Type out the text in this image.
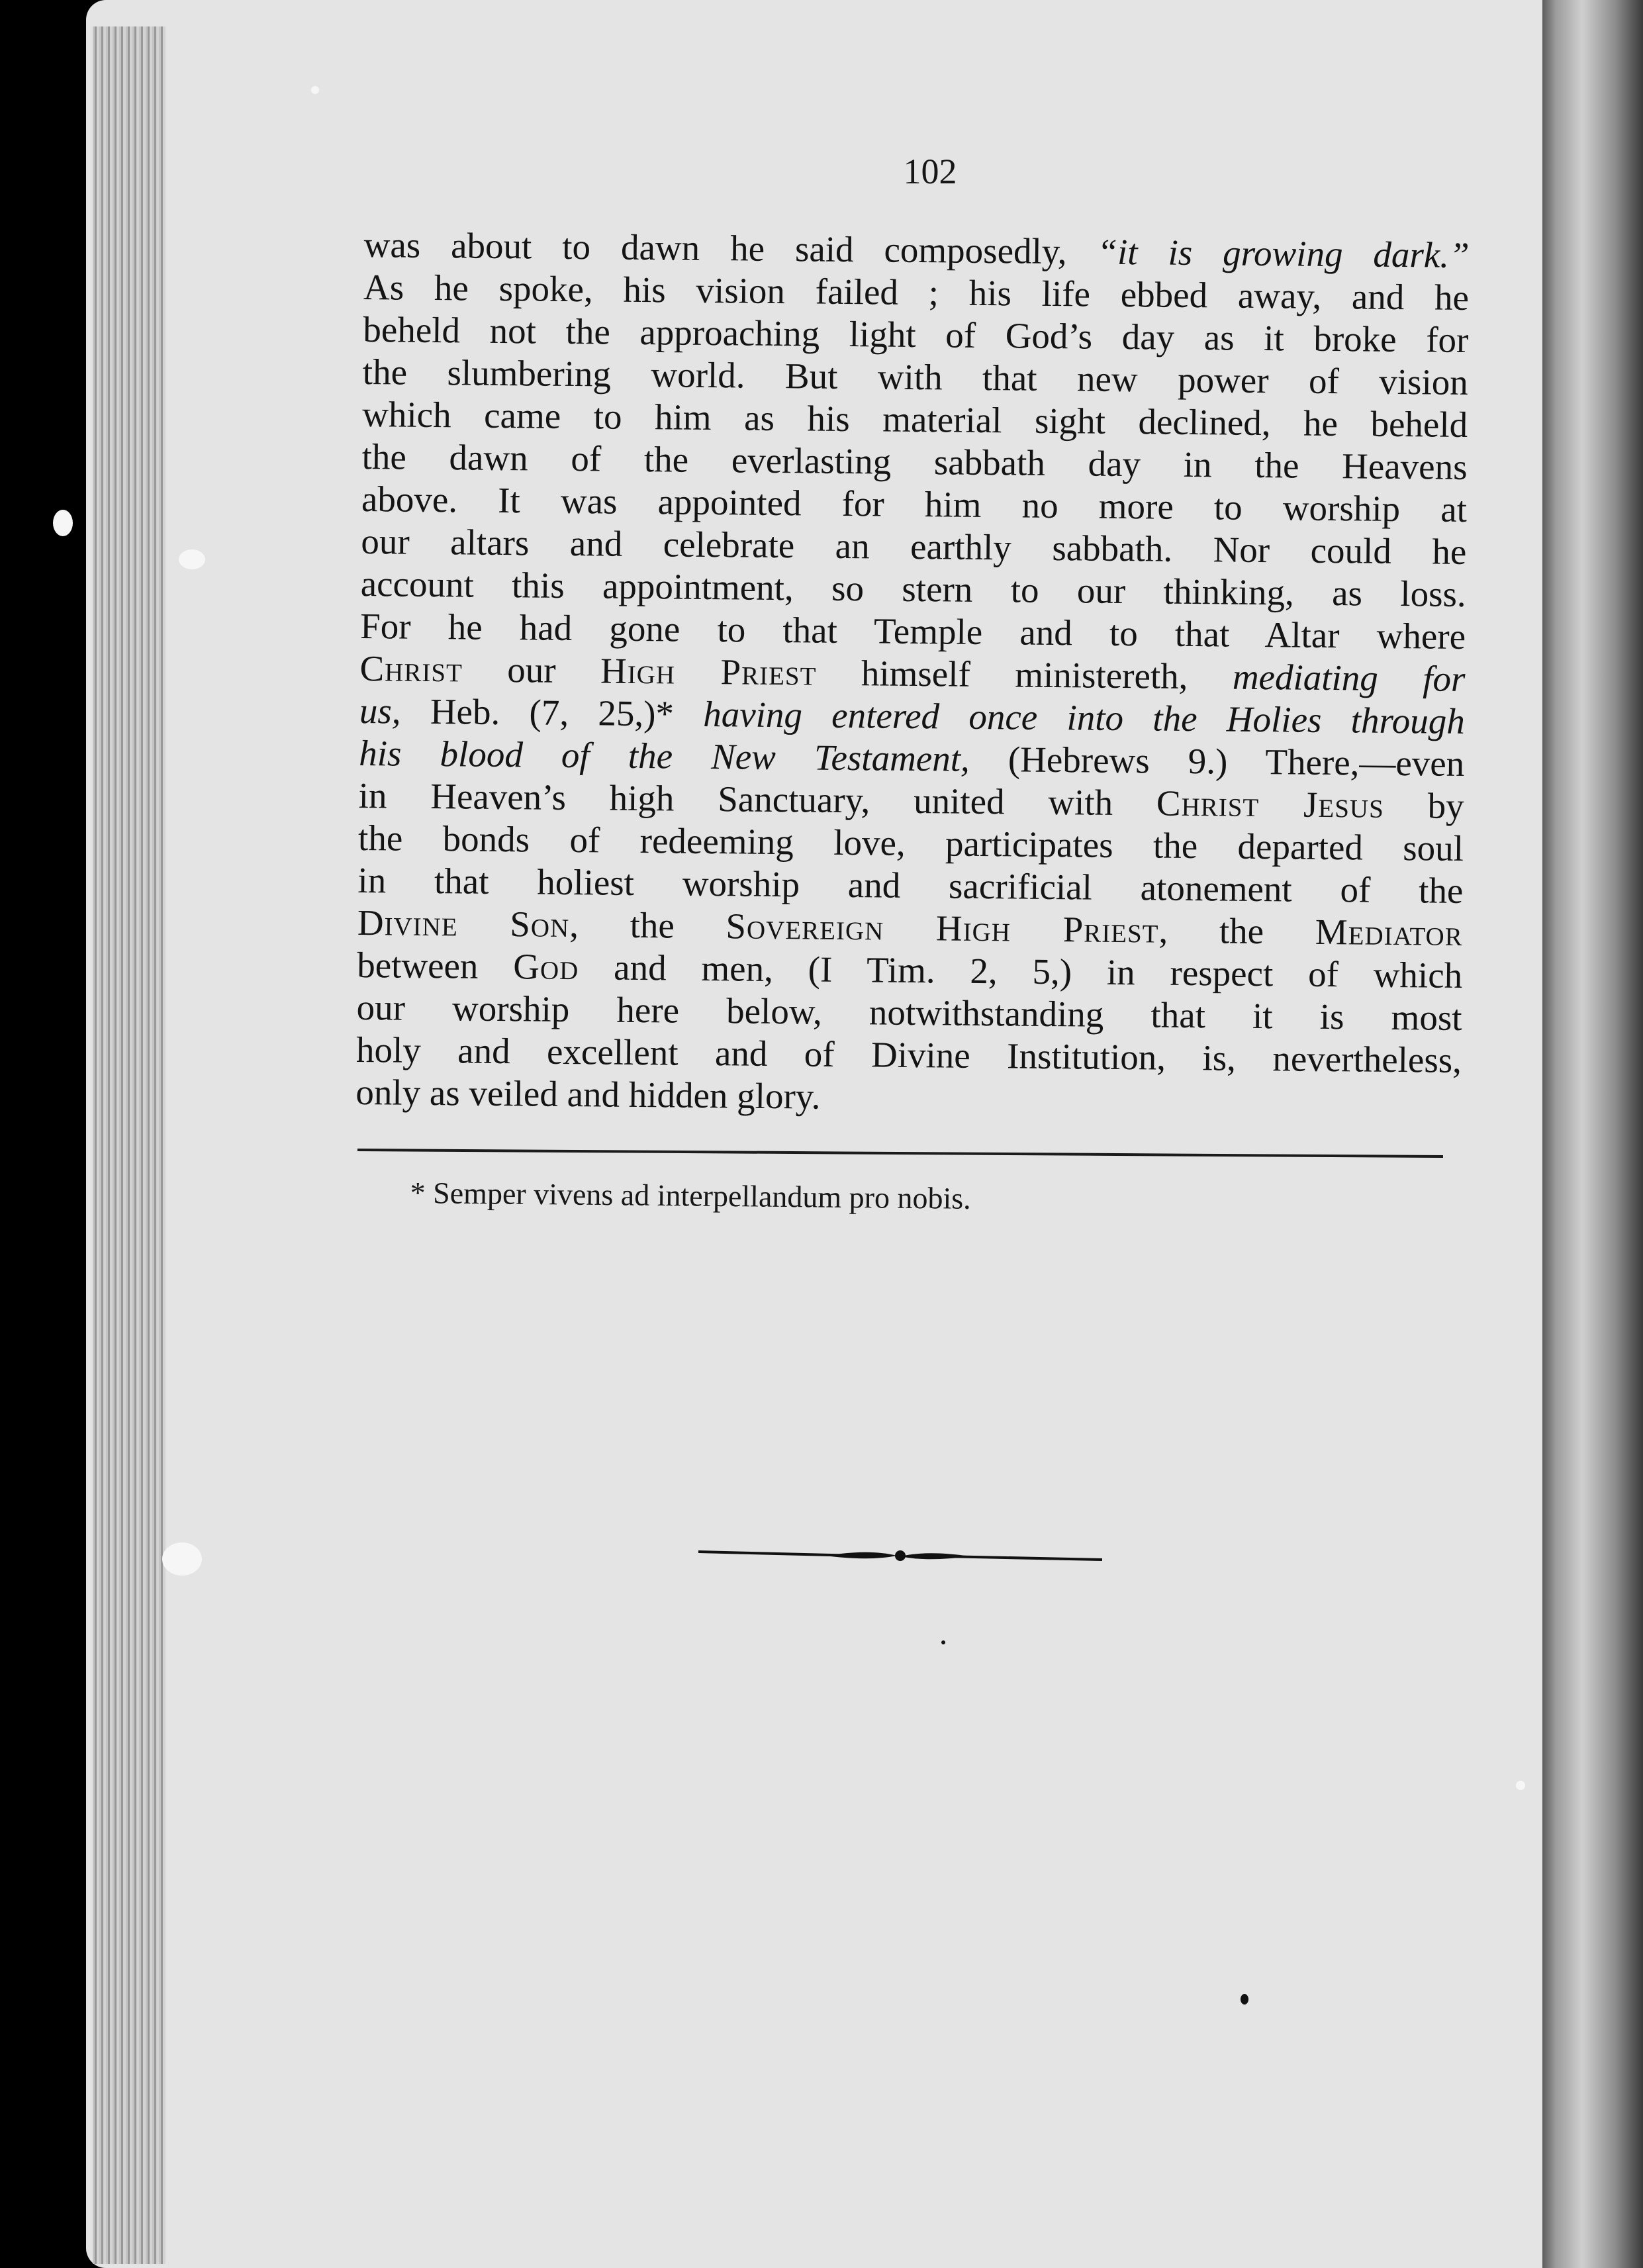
102
was about to dawn he said composedly, “it is growing dark.”
As he spoke, his vision failed ; his life ebbed away, and he
beheld not the approaching light of God’s day as it broke for
the slumbering world. But with that new power of vision
which came to him as his material sight declined, he beheld
the dawn of the everlasting sabbath day in the Heavens
above. It was appointed for him no more to worship at
our altars and celebrate an earthly sabbath. Nor could he
account this appointment, so stern to our thinking, as loss.
For he had gone to that Temple and to that Altar where
Christ our High Priest himself ministereth, mediating for
us, Heb. (7, 25,)* having entered once into the Holies through
his blood of the New Testament, (Hebrews 9.) There,—even
in Heaven’s high Sanctuary, united with Christ Jesus by
the bonds of redeeming love, participates the departed soul
in that holiest worship and sacrificial atonement of the
Divine Son, the Sovereign High Priest, the Mediator
between God and men, (I Tim. 2, 5,) in respect of which
our worship here below, notwithstanding that it is most
holy and excellent and of Divine Institution, is, nevertheless,
only as veiled and hidden glory.
* Semper vivens ad interpellandum pro nobis.
